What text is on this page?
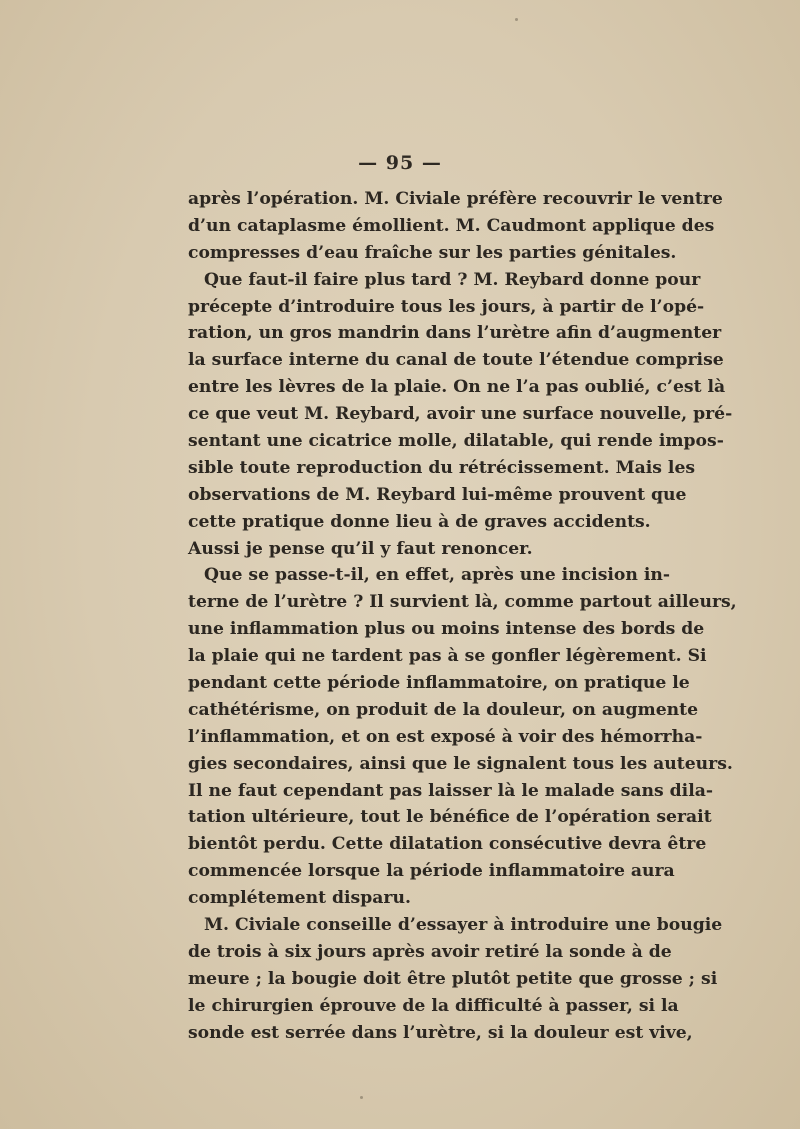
— 95 —
après l’opération. M. Civiale préfère recouvrir le ventre
d’un cataplasme émollient. M. Caudmont applique des
compresses d’eau fraîche sur les parties génitales.
Que faut-il faire plus tard ? M. Reybard donne pour
précepte d’introduire tous les jours, à partir de l’opé-
ration, un gros mandrin dans l’urètre afin d’augmenter
la surface interne du canal de toute l’étendue comprise
entre les lèvres de la plaie. On ne l’a pas oublié, c’est là
ce que veut M. Reybard, avoir une surface nouvelle, pré-
sentant une cicatrice molle, dilatable, qui rende impos-
sible toute reproduction du rétrécissement. Mais les
observations de M. Reybard lui-même prouvent que
cette pratique donne lieu à de graves accidents.
Aussi je pense qu’il y faut renoncer.
Que se passe-t-il, en effet, après une incision in-
terne de l’urètre ? Il survient là, comme partout ailleurs,
une inflammation plus ou moins intense des bords de
la plaie qui ne tardent pas à se gonfler légèrement. Si
pendant cette période inflammatoire, on pratique le
cathétérisme, on produit de la douleur, on augmente
l’inflammation, et on est exposé à voir des hémorrha-
gies secondaires, ainsi que le signalent tous les auteurs.
Il ne faut cependant pas laisser là le malade sans dila-
tation ultérieure, tout le bénéfice de l’opération serait
bientôt perdu. Cette dilatation consécutive devra être
commencée lorsque la période inflammatoire aura
complétement disparu.
M. Civiale conseille d’essayer à introduire une bougie
de trois à six jours après avoir retiré la sonde à de
meure ; la bougie doit être plutôt petite que grosse ; si
le chirurgien éprouve de la difficulté à passer, si la
sonde est serrée dans l’urètre, si la douleur est vive,
